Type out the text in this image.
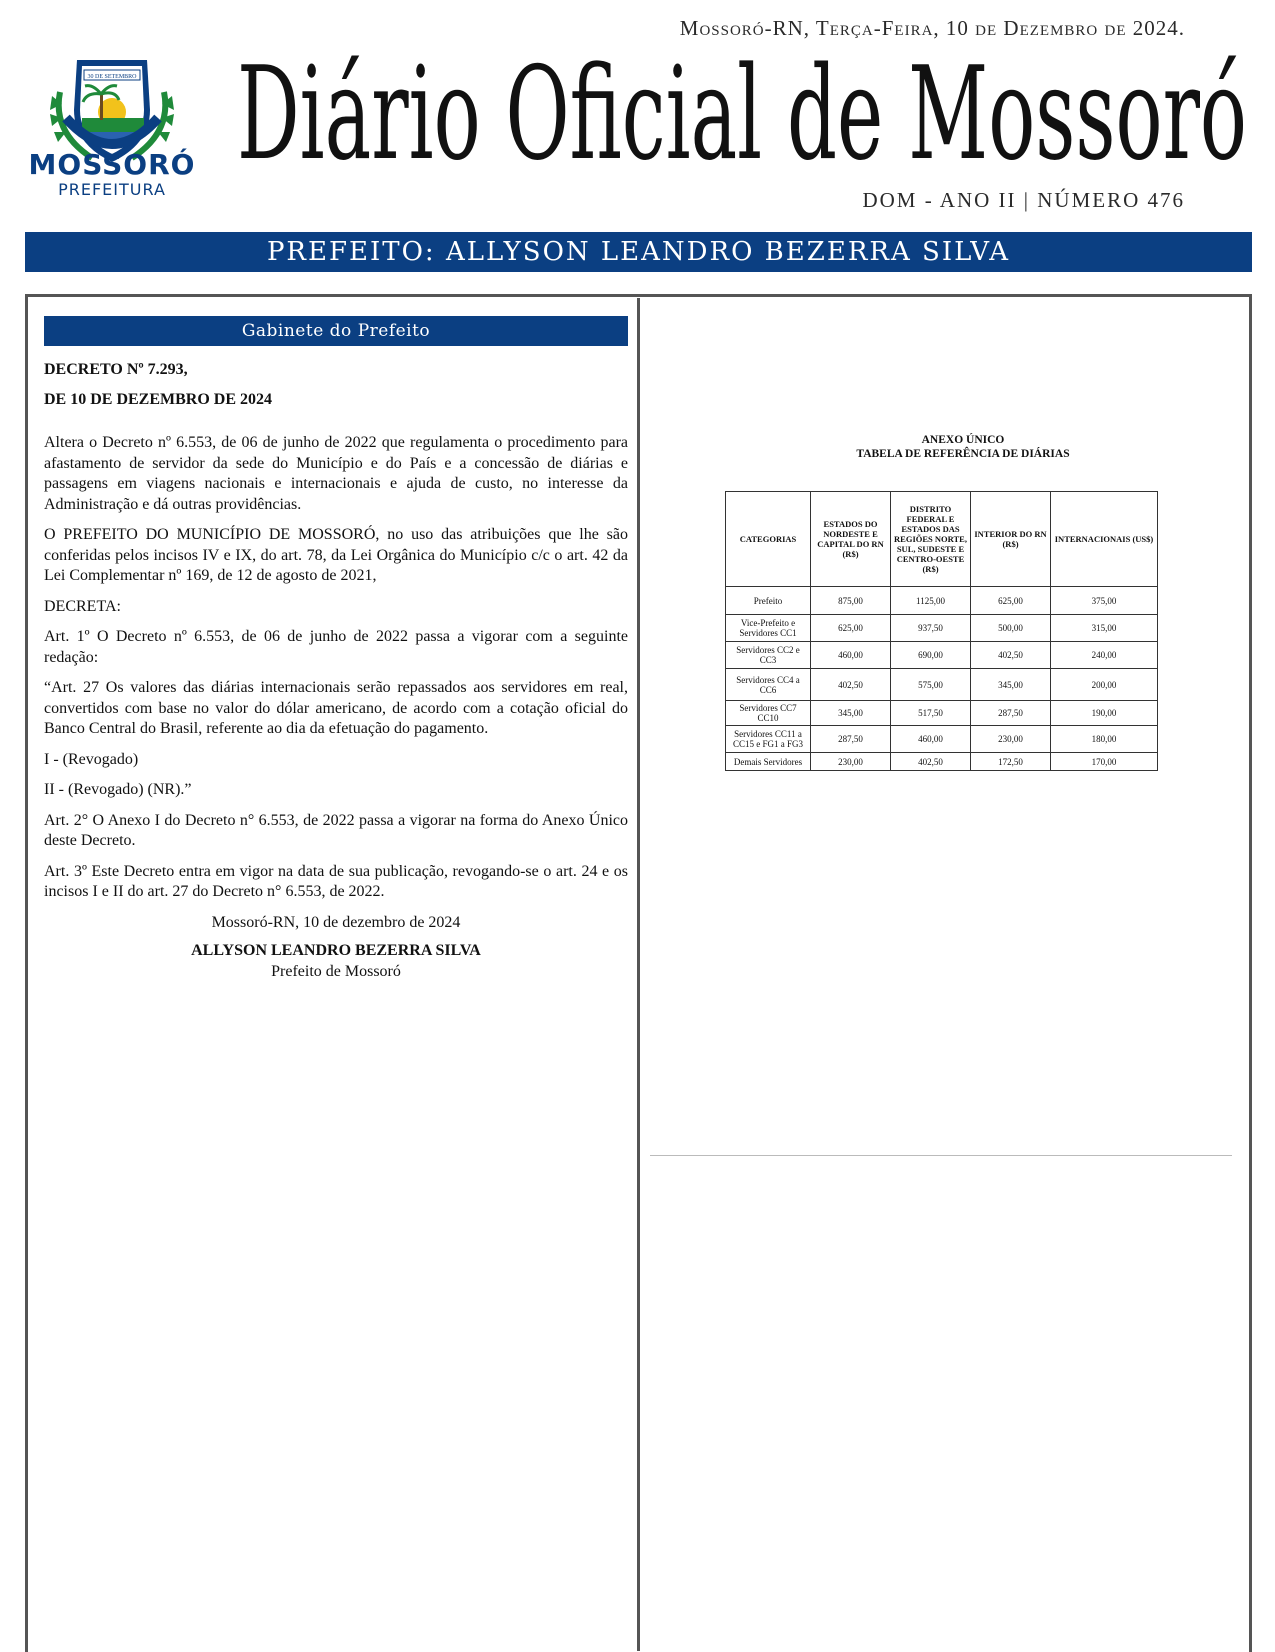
Mossoró-RN, Terça-Feira, 10 de Dezembro de 2024.
30 DE SETEMBRO
MOSSORÓ
PREFEITURA
Diário Oficial de Mossoró
DOM - ANO II | NÚMERO 476
PREFEITO: ALLYSON LEANDRO BEZERRA SILVA
Gabinete do Prefeito

DECRETO Nº 7.293,

DE 10 DE DEZEMBRO DE 2024

Altera o Decreto nº 6.553, de 06 de junho de 2022 que regulamenta o procedimento para afastamento de servidor da sede do Município e do País e a concessão de diárias e passagens em viagens nacionais e internacionais e ajuda de custo, no interesse da Administração e dá outras providências.

O PREFEITO DO MUNICÍPIO DE MOSSORÓ, no uso das atribuições que lhe são conferidas pelos incisos IV e IX, do art. 78, da Lei Orgânica do Município c/c o art. 42 da Lei Complementar nº 169, de 12 de agosto de 2021,

DECRETA:

Art. 1º O Decreto nº 6.553, de 06 de junho de 2022 passa a vigorar com a seguinte redação:

“Art. 27 Os valores das diárias internacionais serão repassados aos servidores em real, convertidos com base no valor do dólar americano, de acordo com a cotação oficial do Banco Central do Brasil, referente ao dia da efetuação do pagamento.

I - (Revogado)

II - (Revogado) (NR).”

Art. 2° O Anexo I do Decreto n° 6.553, de 2022 passa a vigorar na forma do Anexo Único deste Decreto.

Art. 3º Este Decreto entra em vigor na data de sua publicação, revogando-se o art. 24 e os incisos I e II do art. 27 do Decreto n° 6.553, de 2022.

Mossoró-RN, 10 de dezembro de 2024

ALLYSON LEANDRO BEZERRA SILVA

Prefeito de Mossoró

ANEXO ÚNICO
TABELA DE REFERÊNCIA DE DIÁRIAS
CATEGORIAS	ESTADOS DO NORDESTE E CAPITAL DO RN (R$)	DISTRITO FEDERAL E ESTADOS DAS REGIÕES NORTE, SUL, SUDESTE E CENTRO-OESTE (R$)	INTERIOR DO RN (R$)	INTERNACIONAIS (US$)
Prefeito	875,00	1125,00	625,00	375,00
Vice-Prefeito e Servidores CC1	625,00	937,50	500,00	315,00
Servidores CC2 e CC3	460,00	690,00	402,50	240,00
Servidores CC4 a CC6	402,50	575,00	345,00	200,00
Servidores CC7 CC10	345,00	517,50	287,50	190,00
Servidores CC11 a CC15 e FG1 a FG3	287,50	460,00	230,00	180,00
Demais Servidores	230,00	402,50	172,50	170,00
